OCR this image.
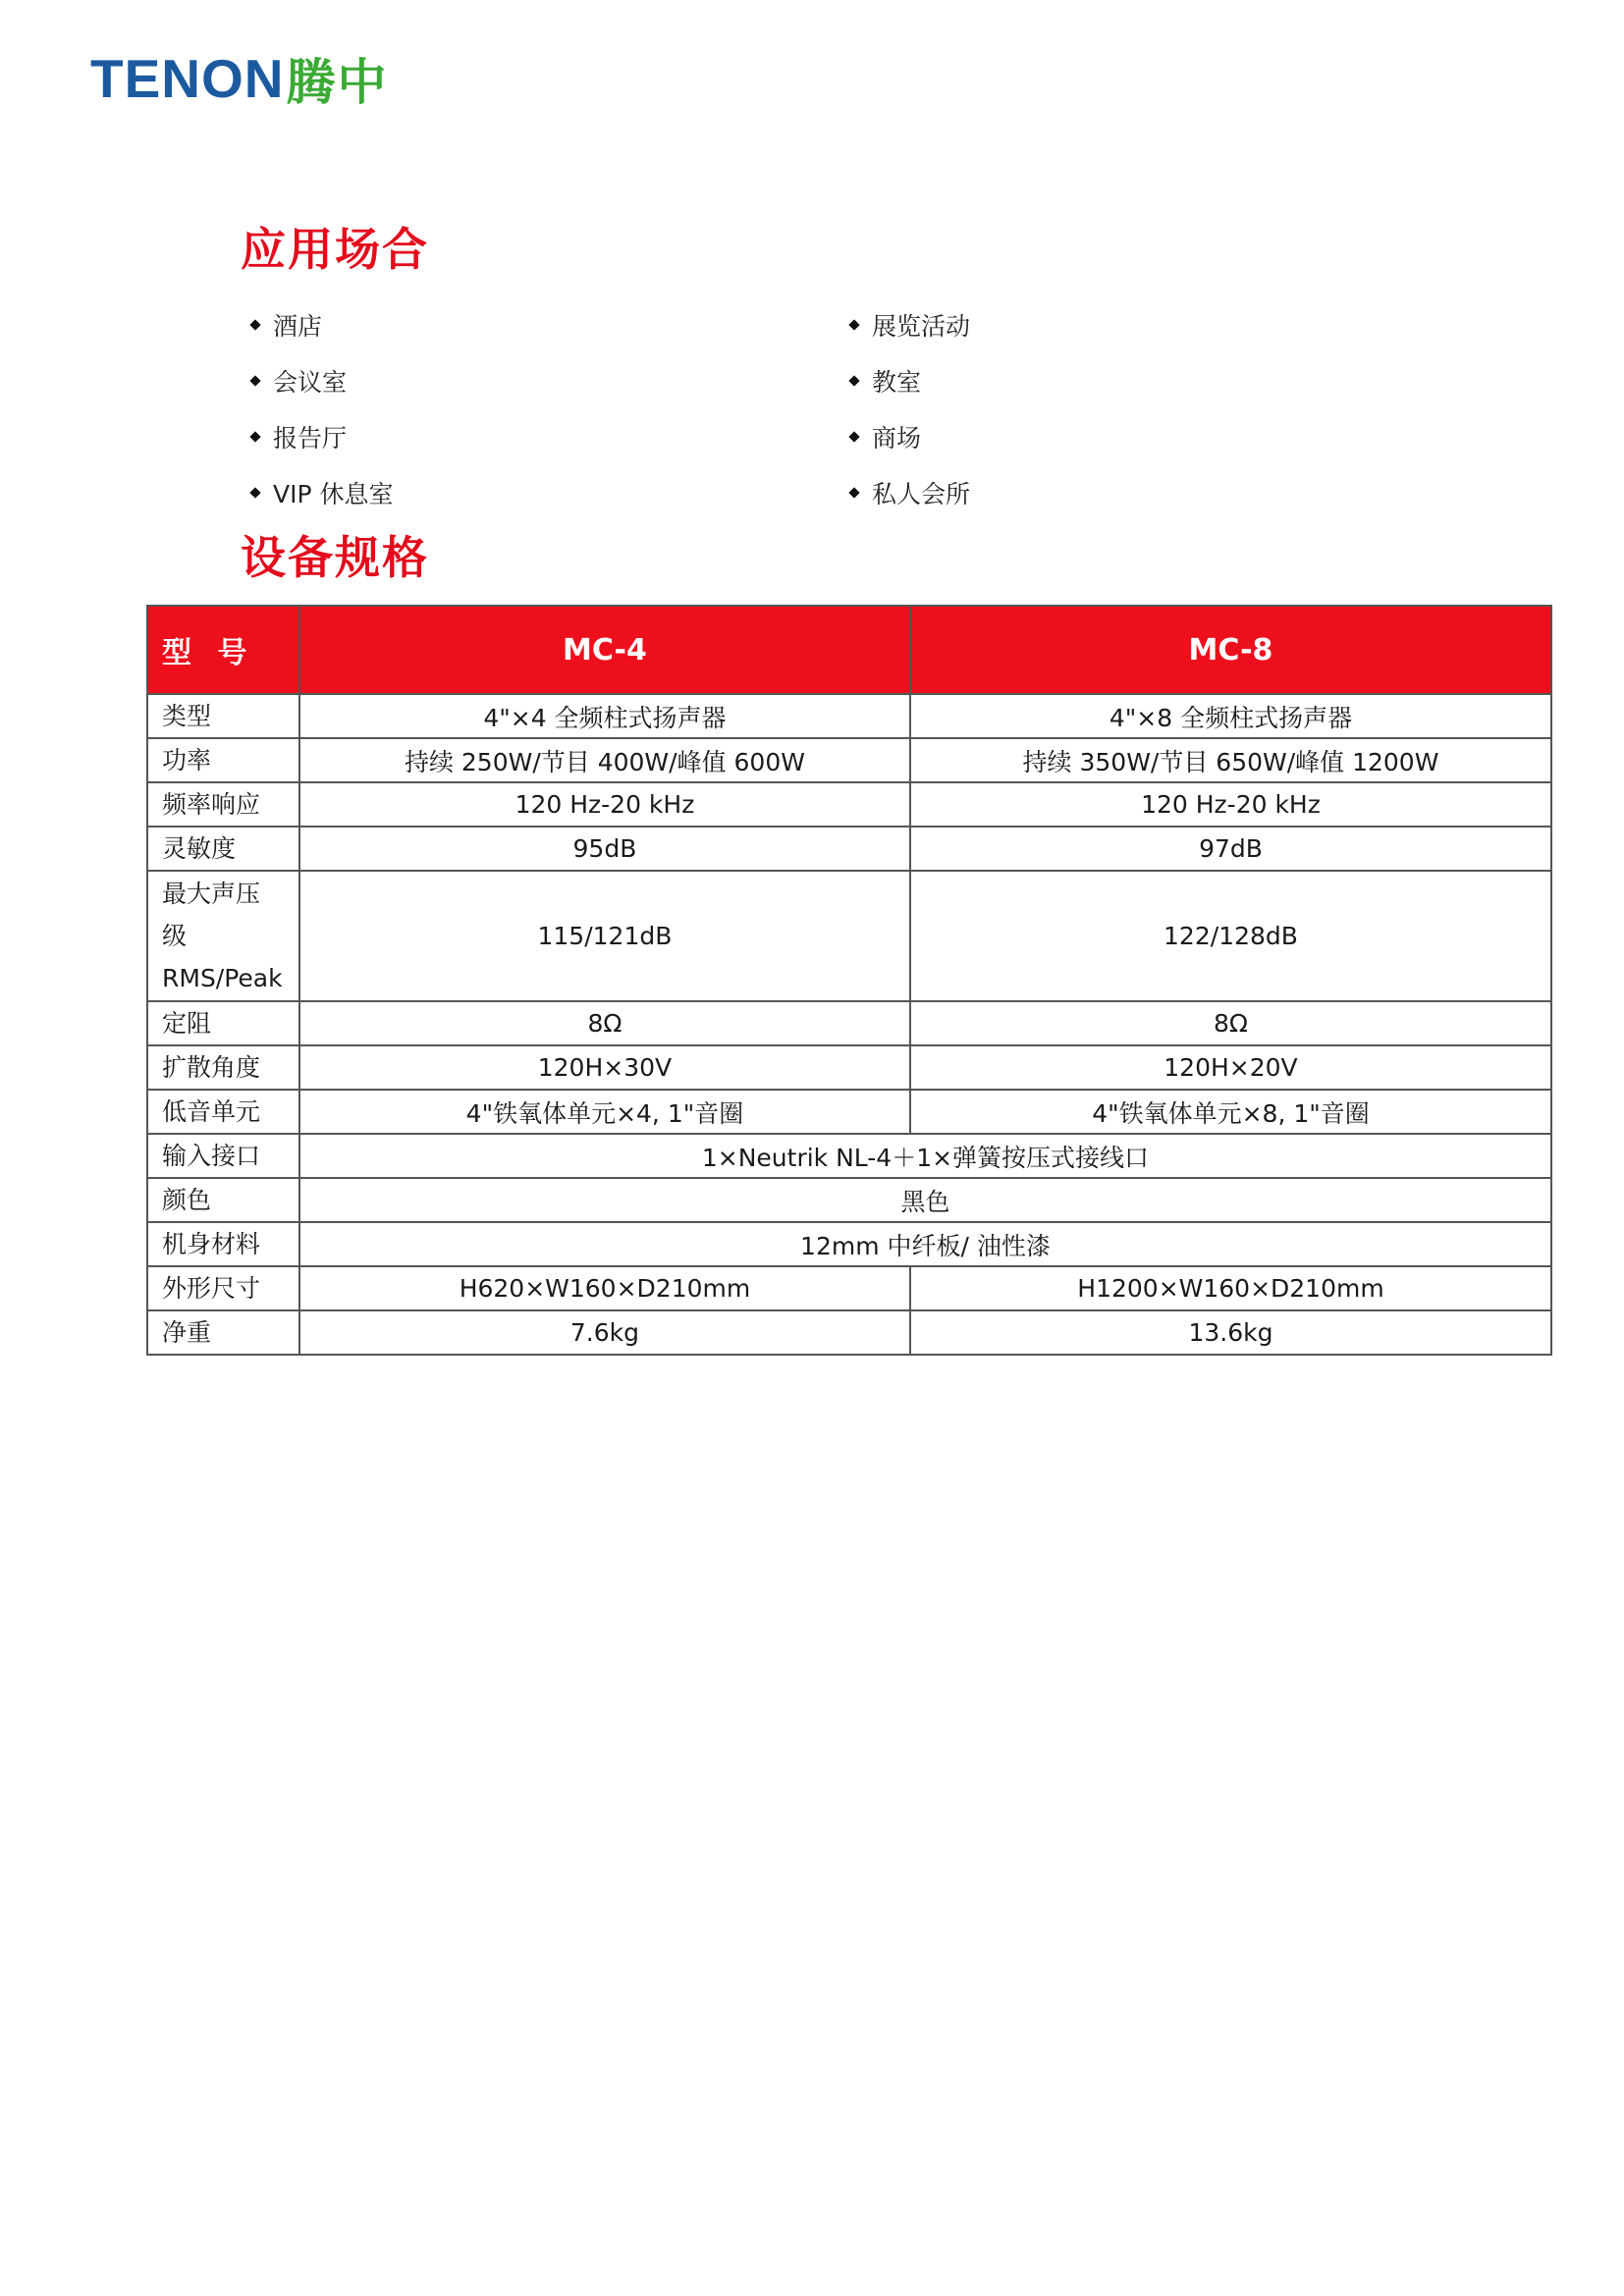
TENON 腾中
应用场合
酒店	展览活动
会议室	教室
报告厅	商场
VIP 休息室	私人会所
设备规格
型 号	MC-4	MC-8
类型	4"×4 全频柱式扬声器	4"×8 全频柱式扬声器
功率	持续 250W/节目 400W/峰值 600W	持续 350W/节目 650W/峰值 1200W
频率响应	120 Hz-20 kHz	120 Hz-20 kHz
灵敏度	95dB	97dB

最大声压
级
RMS/Peak	115/121dB	122/128dB
定阻	8Ω	8Ω
扩散角度	120H×30V	120H×20V
低音单元	4"铁氧体单元×4, 1"音圈	4"铁氧体单元×8, 1"音圈
输入接口	1×Neutrik NL-4＋1×弹簧按压式接线口	
颜色	黑色	
机身材料	12mm 中纤板/ 油性漆	
外形尺寸	H620×W160×D210mm	H1200×W160×D210mm
净重	7.6kg	13.6kg
